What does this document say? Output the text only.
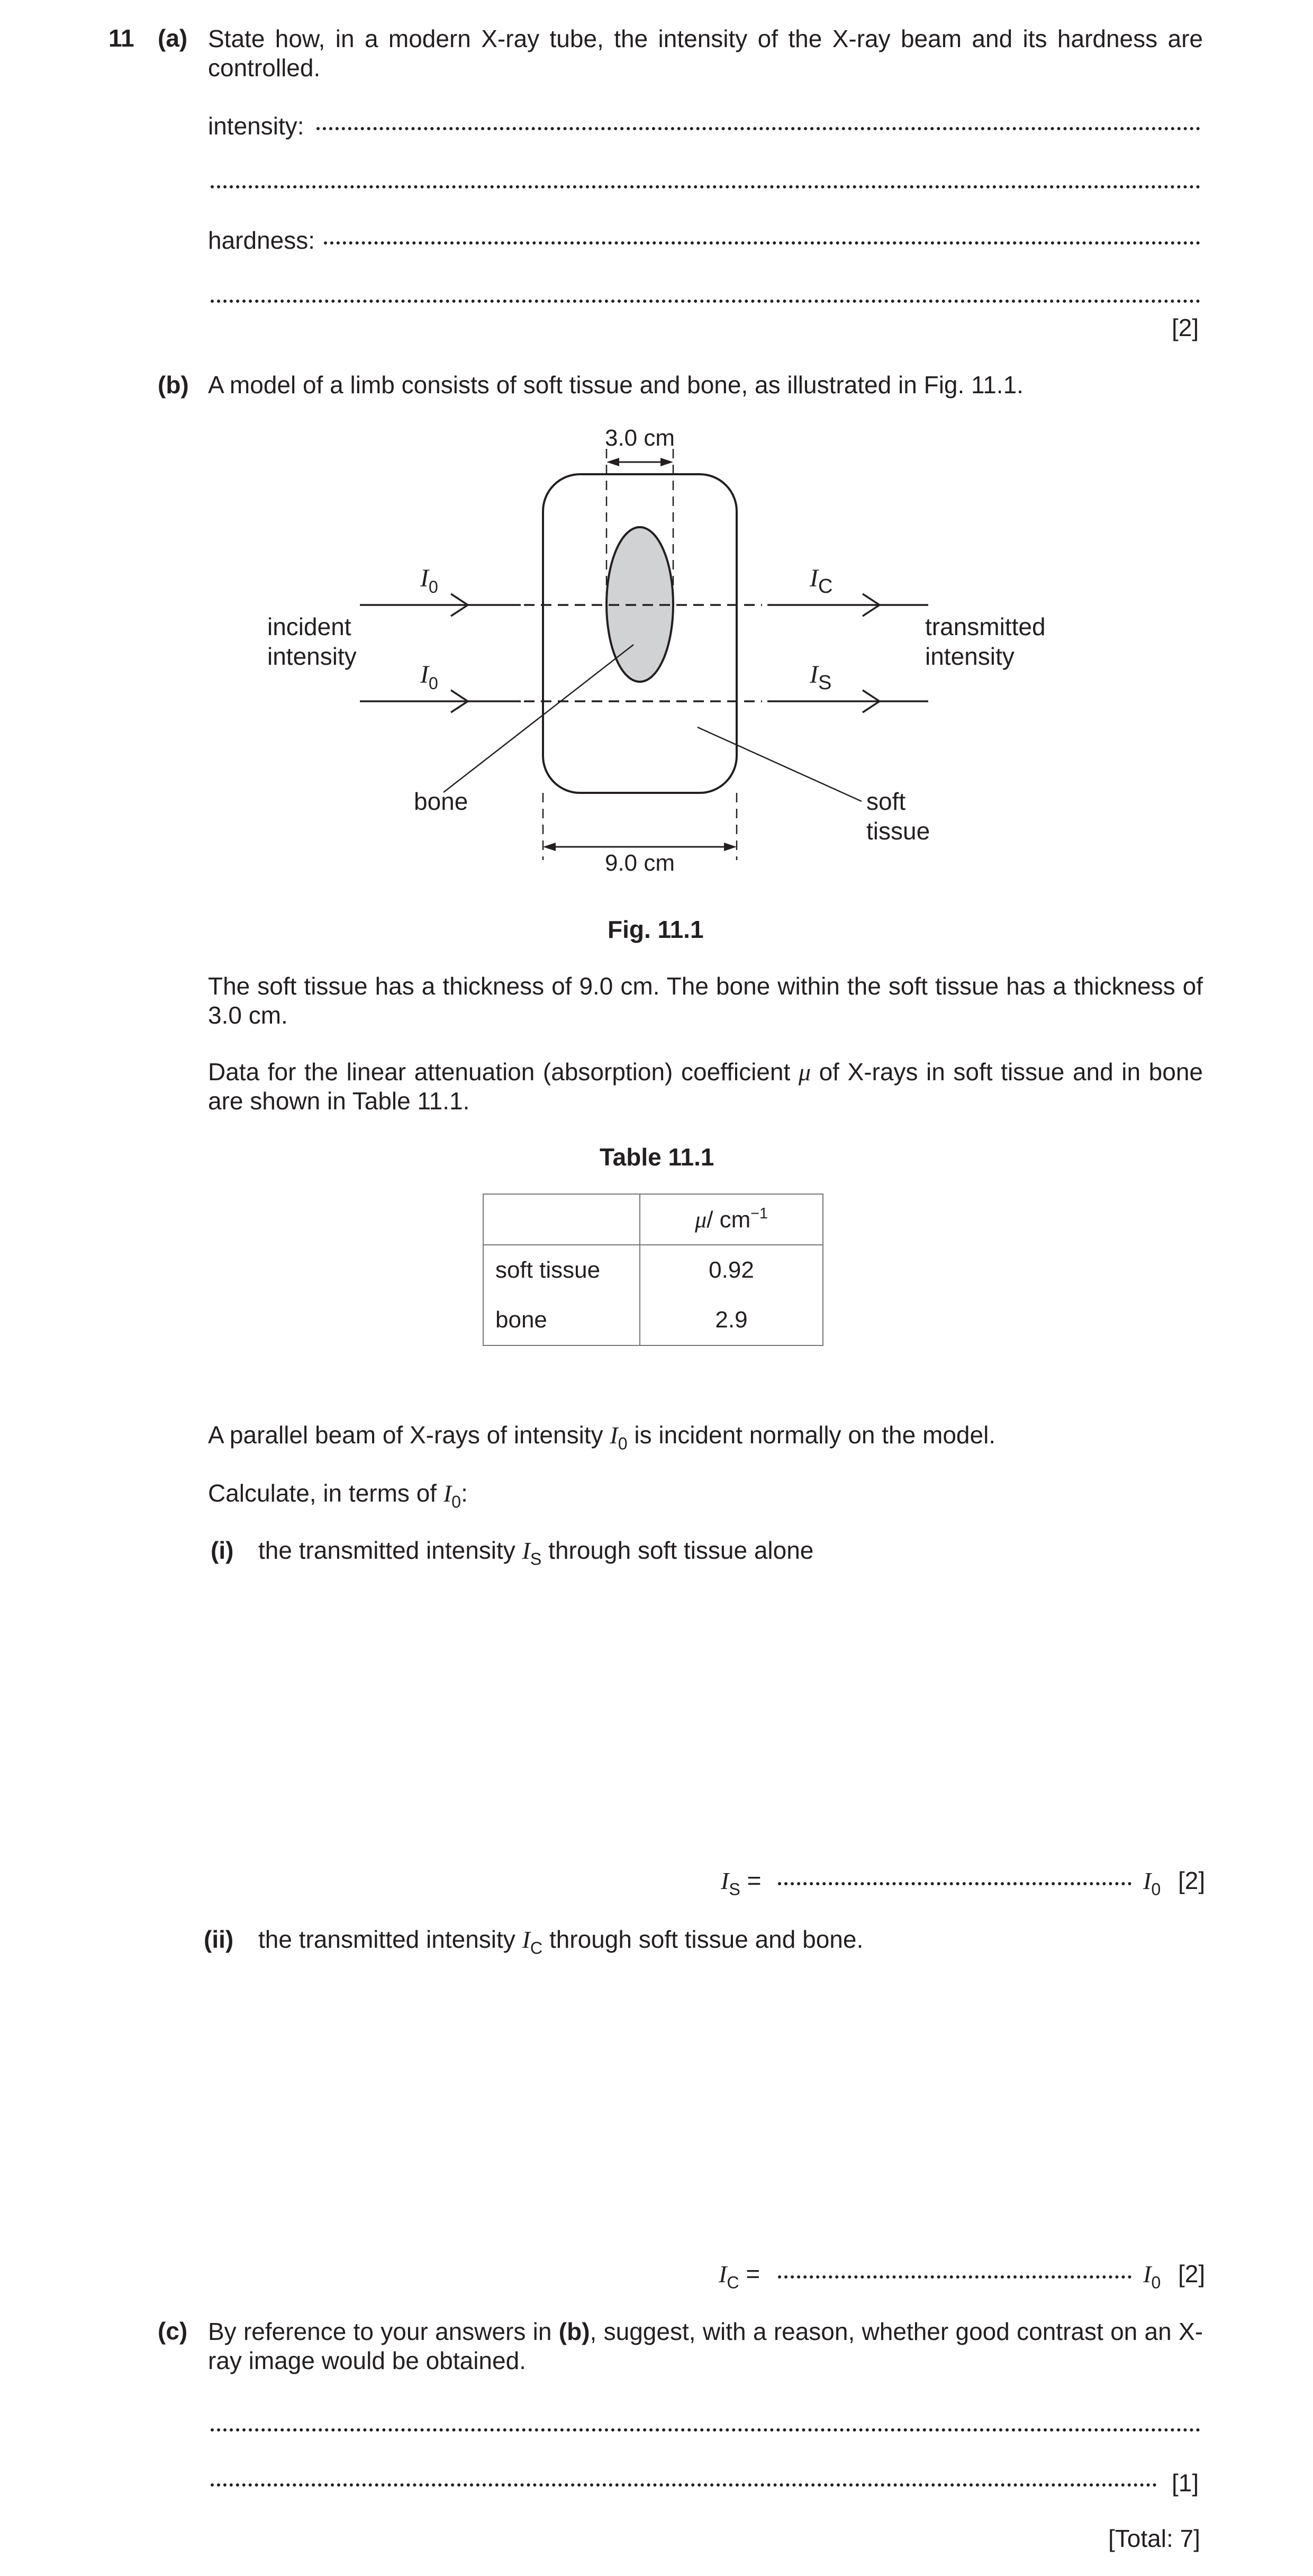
11 (a) State how, in a modern X-ray tube, the intensity of the X-ray beam and its hardness are controlled.
intensity:
hardness:
[2]
(b) A model of a limb consists of soft tissue and bone, as illustrated in Fig. 11.1.
3.0 cm
9.0 cm
$I_0$
$I_0$
$I_C$
$I_S$
incident
intensity
transmitted
intensity
bone	soft
tissue
Fig. 11.1
The soft tissue has a thickness of 9.0 cm. The bone within the soft tissue has a thickness of 3.0 cm.
Data for the linear attenuation (absorption) coefficient μ of X-rays in soft tissue and in bone are shown in Table 11.1.
Table 11.1
	μ/ $cm^{-1}$
soft tissue	0.92
bone	2.9
A parallel beam of X-rays of intensity $I_0$ is incident normally on the model.
Calculate, in terms of $I_0$:
(i) the transmitted intensity $I_S$ through soft tissue alone
$I_S$ =	$I_0$ [2]
(ii) the transmitted intensity $I_C$ through soft tissue and bone.
$I_C$ =	$I_0$ [2]
(c) By reference to your answers in (b), suggest, with a reason, whether good contrast on an X-ray image would be obtained.
[1]
[Total: 7]
